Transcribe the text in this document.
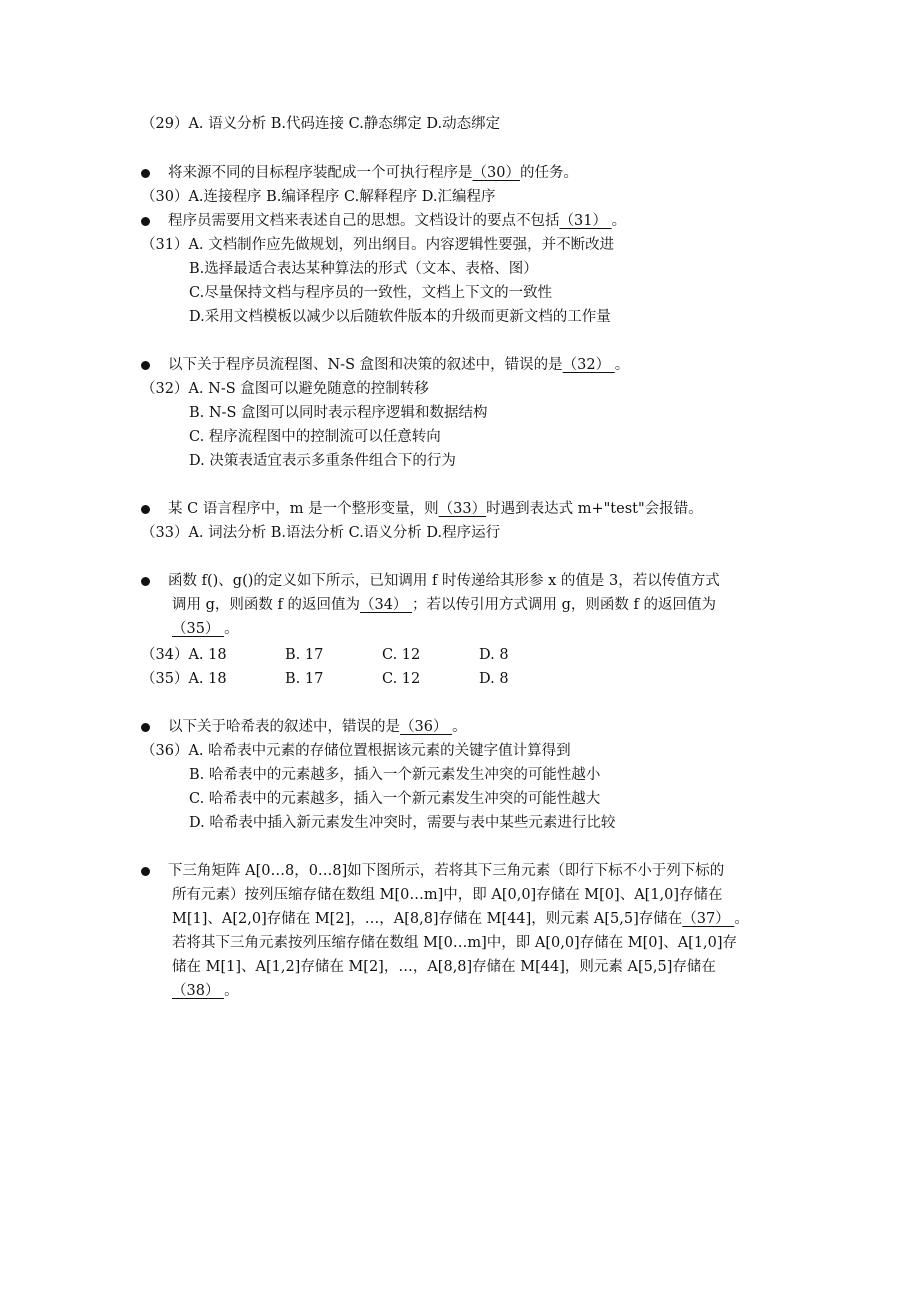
（29）A. 语义分析 B.代码连接 C.静态绑定 D.动态绑定
将来源不同的目标程序装配成一个可执行程序是（30）的任务。
（30）A.连接程序 B.编译程序 C.解释程序 D.汇编程序
程序员需要用文档来表述自己的思想。文档设计的要点不包括（31） 。
（31）A. 文档制作应先做规划，列出纲目。内容逻辑性要强，并不断改进
B.选择最适合表达某种算法的形式（文本、表格、图）
C.尽量保持文档与程序员的一致性，文档上下文的一致性
D.采用文档模板以减少以后随软件版本的升级而更新文档的工作量
以下关于程序员流程图、N-S 盒图和决策的叙述中，错误的是（32） 。
（32）A. N-S 盒图可以避免随意的控制转移
B. N-S 盒图可以同时表示程序逻辑和数据结构
C. 程序流程图中的控制流可以任意转向
D. 决策表适宜表示多重条件组合下的行为
某 C 语言程序中，m 是一个整形变量，则（33）时遇到表达式 m+"test"会报错。
（33）A. 词法分析 B.语法分析 C.语义分析 D.程序运行
函数 f()、g()的定义如下所示，已知调用 f 时传递给其形参 x 的值是 3，若以传值方式
调用 g，则函数 f 的返回值为（34） ；若以传引用方式调用 g，则函数 f 的返回值为
（35） 。
（34）A. 18	B. 17	C. 12	D. 8
（35）A. 18	B. 17	C. 12	D. 8
以下关于哈希表的叙述中，错误的是（36） 。
（36）A. 哈希表中元素的存储位置根据该元素的关键字值计算得到
B. 哈希表中的元素越多，插入一个新元素发生冲突的可能性越小
C. 哈希表中的元素越多，插入一个新元素发生冲突的可能性越大
D. 哈希表中插入新元素发生冲突时，需要与表中某些元素进行比较
下三角矩阵 A[0…8，0…8]如下图所示，若将其下三角元素（即行下标不小于列下标的
所有元素）按列压缩存储在数组 M[0…m]中，即 A[0,0]存储在 M[0]、A[1,0]存储在
M[1]、A[2,0]存储在 M[2]，…，A[8,8]存储在 M[44]，则元素 A[5,5]存储在（37） 。
若将其下三角元素按列压缩存储在数组 M[0…m]中，即 A[0,0]存储在 M[0]、A[1,0]存
储在 M[1]、A[1,2]存储在 M[2]，…，A[8,8]存储在 M[44]，则元素 A[5,5]存储在
（38） 。
